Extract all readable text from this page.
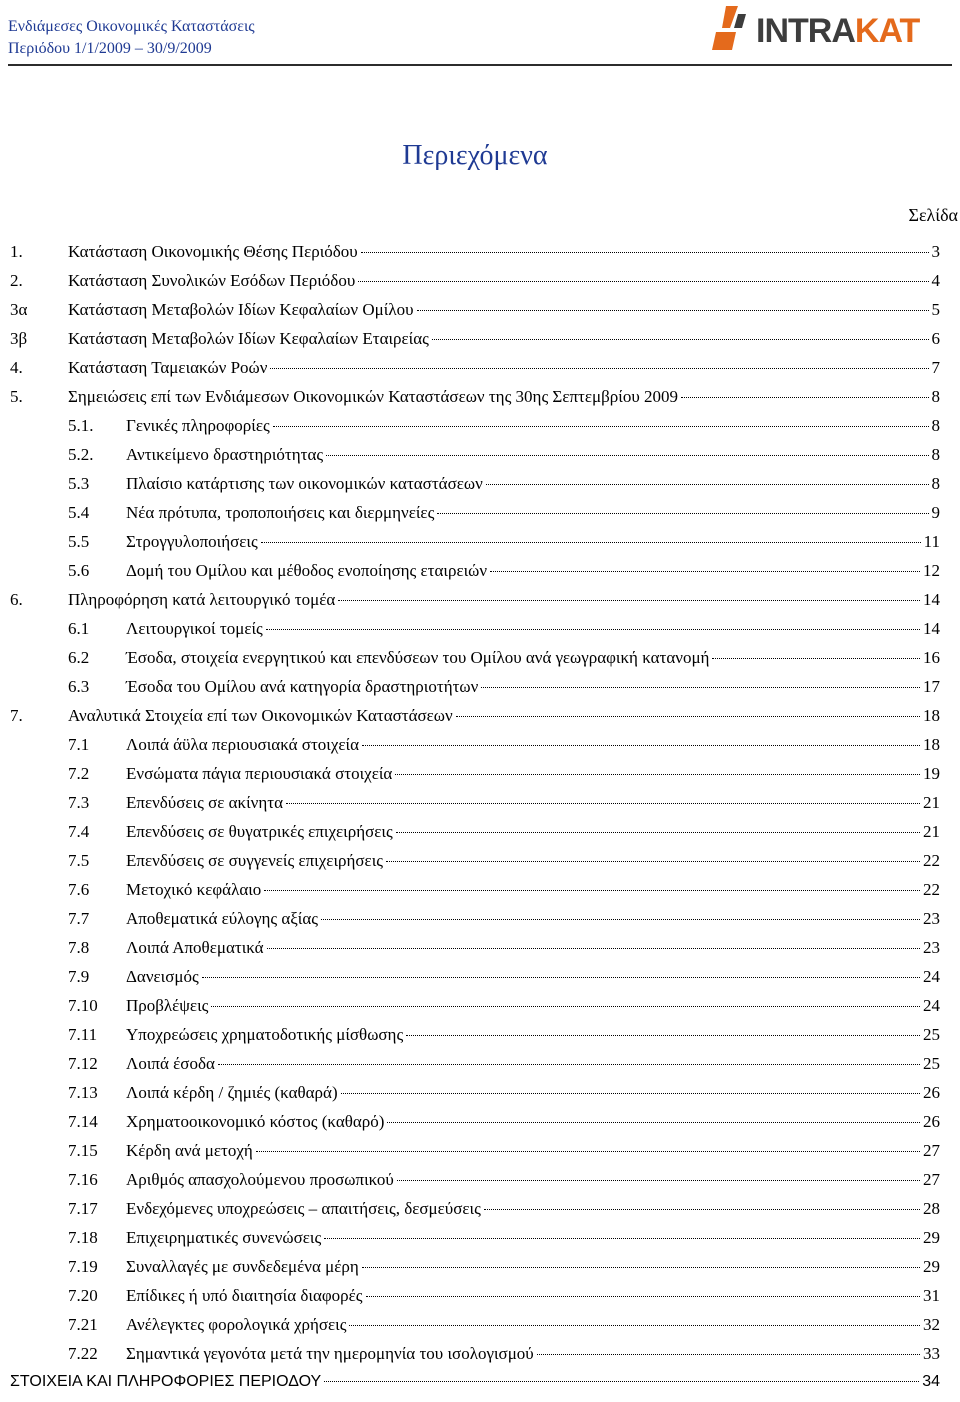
Ενδιάμεσες Οικονομικές Καταστάσεις
Περιόδου 1/1/2009 – 30/9/2009	INTRAKAT
Περιεχόμενα
Σελίδα
1.	Κατάσταση Οικονομικής Θέσης Περιόδου	3
2.	Κατάσταση Συνολικών Εσόδων Περιόδου	4
3α	Κατάσταση Μεταβολών Ιδίων Κεφαλαίων Ομίλου	5
3β	Κατάσταση Μεταβολών Ιδίων Κεφαλαίων Εταιρείας	6
4.	Κατάσταση Ταμειακών Ροών	7
5.	Σημειώσεις επί των Ενδιάμεσων Οικονομικών Καταστάσεων της 30ης Σεπτεμβρίου 2009	8
5.1.	Γενικές πληροφορίες	8
5.2.	Αντικείμενο δραστηριότητας	8
5.3	Πλαίσιο κατάρτισης των οικονομικών καταστάσεων	8
5.4	Νέα πρότυπα, τροποποιήσεις και διερμηνείες	9
5.5	Στρογγυλοποιήσεις	11
5.6	Δομή του Ομίλου και μέθοδος ενοποίησης εταιρειών	12
6.	Πληροφόρηση κατά λειτουργικό τομέα	14
6.1	Λειτουργικοί τομείς	14
6.2	Έσοδα, στοιχεία ενεργητικού και επενδύσεων του Ομίλου ανά γεωγραφική κατανομή	16
6.3	Έσοδα του Ομίλου ανά κατηγορία δραστηριοτήτων	17
7.	Αναλυτικά Στοιχεία επί των Οικονομικών Καταστάσεων	18
7.1	Λοιπά άϋλα περιουσιακά στοιχεία	18
7.2	Ενσώματα πάγια περιουσιακά στοιχεία	19
7.3	Επενδύσεις σε ακίνητα	21
7.4	Επενδύσεις σε θυγατρικές επιχειρήσεις	21
7.5	Επενδύσεις σε συγγενείς επιχειρήσεις	22
7.6	Μετοχικό κεφάλαιο	22
7.7	Αποθεματικά εύλογης αξίας	23
7.8	Λοιπά Αποθεματικά	23
7.9	Δανεισμός	24
7.10	Προβλέψεις	24
7.11	Υποχρεώσεις χρηματοδοτικής μίσθωσης	25
7.12	Λοιπά έσοδα	25
7.13	Λοιπά κέρδη / ζημιές (καθαρά)	26
7.14	Χρηματοοικονομικό κόστος (καθαρό)	26
7.15	Κέρδη ανά μετοχή	27
7.16	Αριθμός απασχολούμενου προσωπικού	27
7.17	Ενδεχόμενες υποχρεώσεις – απαιτήσεις, δεσμεύσεις	28
7.18	Επιχειρηματικές συνενώσεις	29
7.19	Συναλλαγές με συνδεδεμένα μέρη	29
7.20	Επίδικες ή υπό διαιτησία διαφορές	31
7.21	Ανέλεγκτες φορολογικά χρήσεις	32
7.22	Σημαντικά γεγονότα μετά την ημερομηνία του ισολογισμού	33
ΣΤΟΙΧΕΙΑ ΚΑΙ ΠΛΗΡΟΦΟΡΙΕΣ ΠΕΡΙΟΔΟΥ	34
